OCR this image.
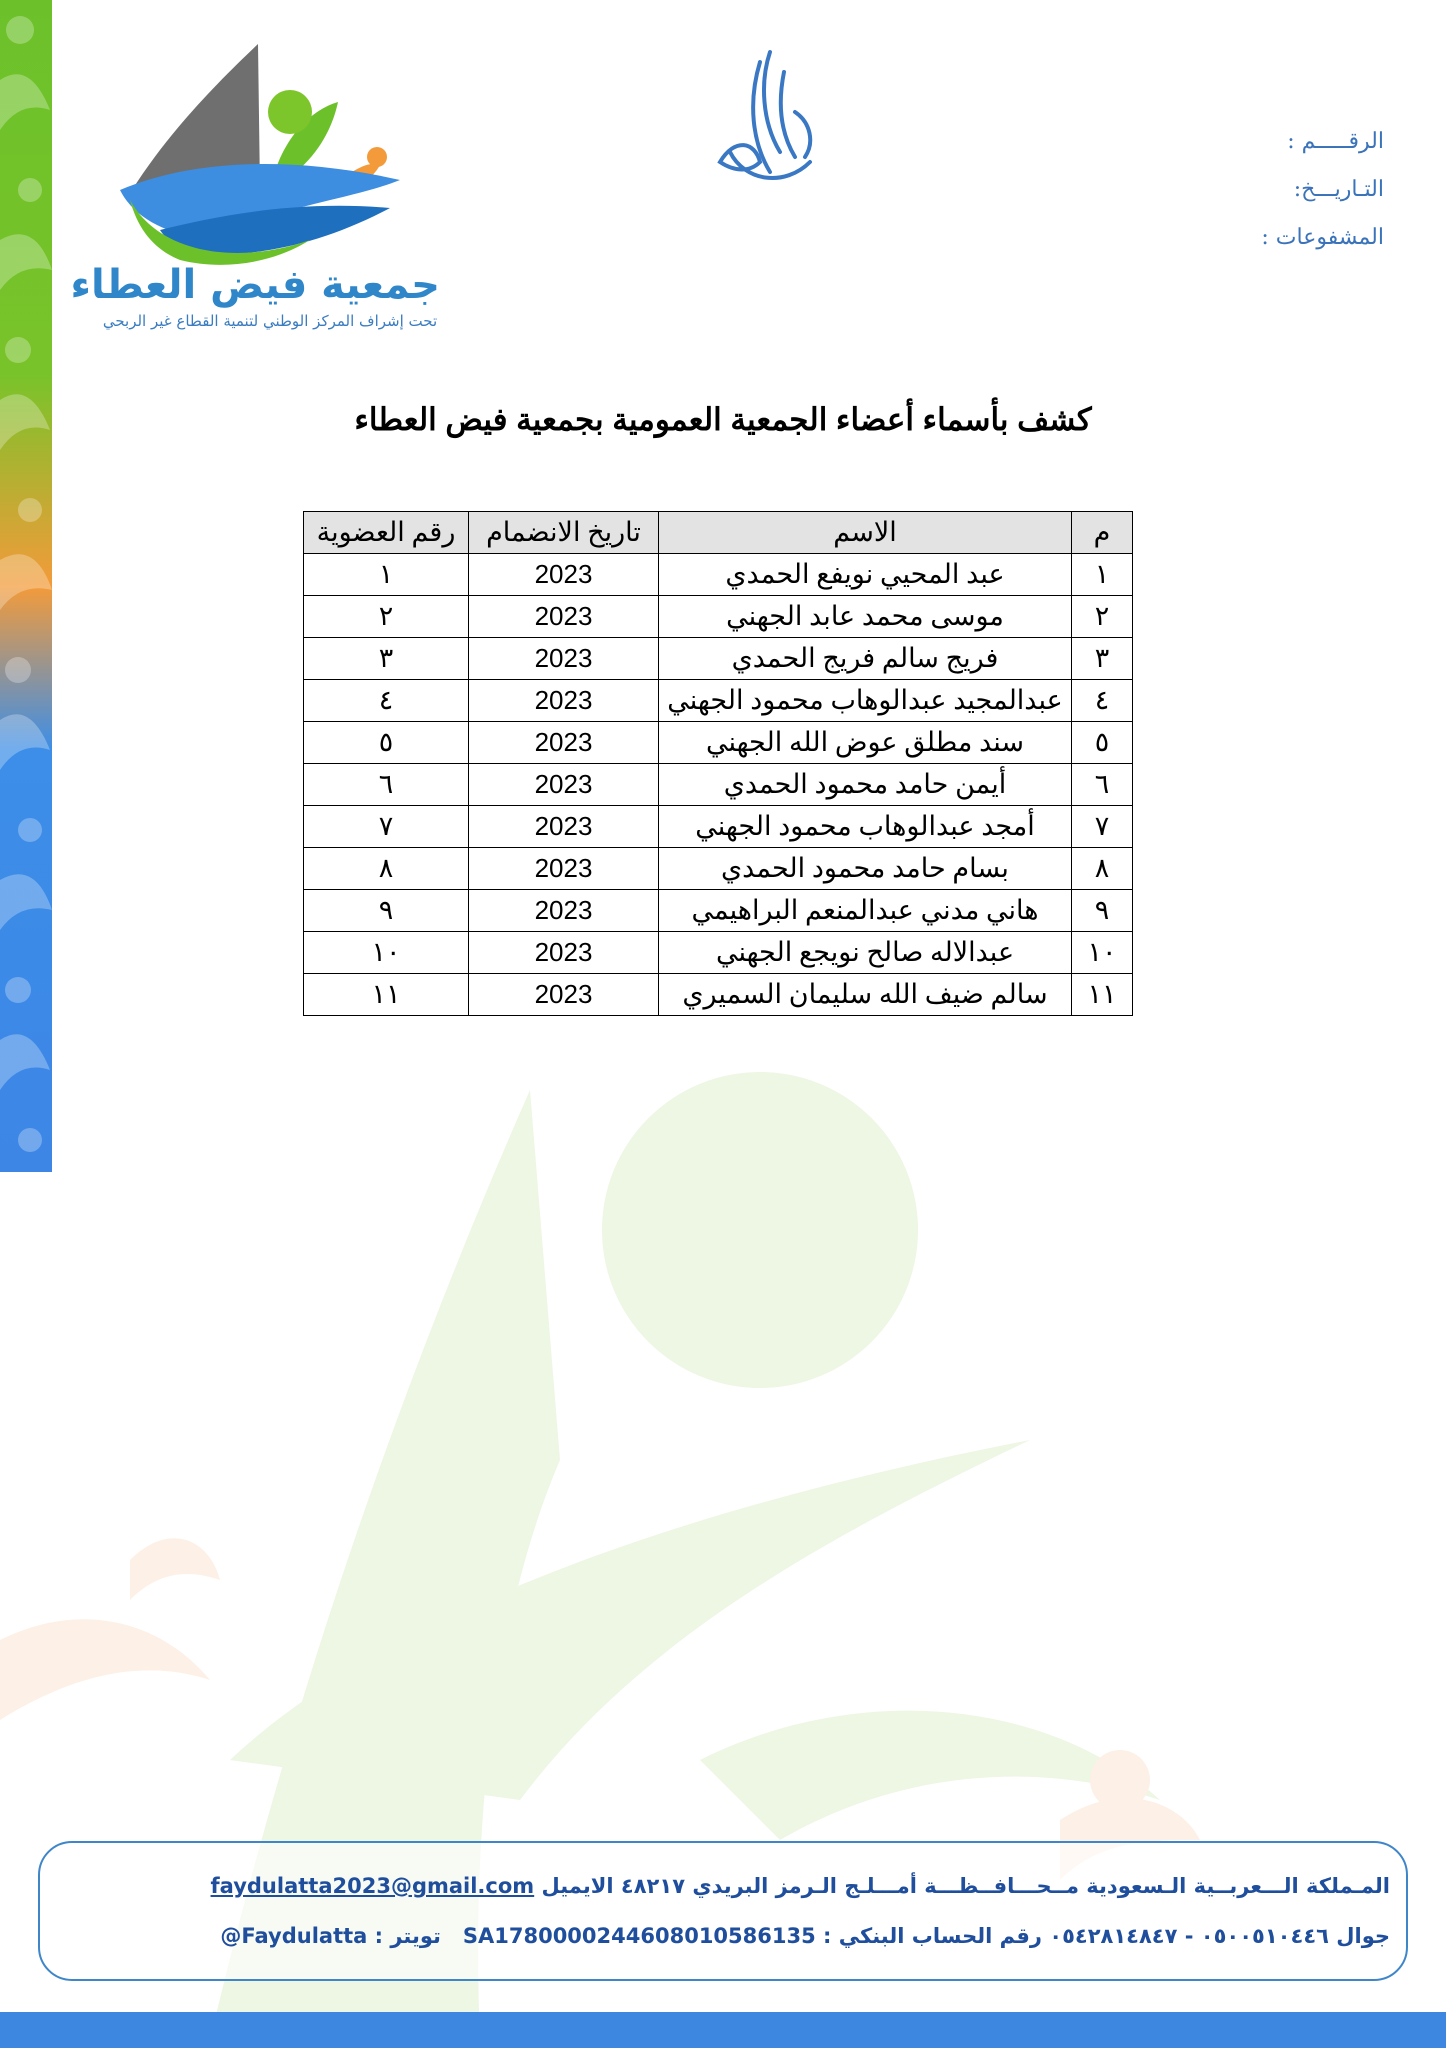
جمعية فيض العطاء
تحت إشراف المركز الوطني لتنمية القطاع غير الربحي
الرقـــــم :
التـاريـــخ:
المشفوعات :
كشف بأسماء أعضاء الجمعية العمومية بجمعية فيض العطاء
م	الاسم	تاريخ الانضمام	رقم العضوية
١	عبد المحيي نويفع الحمدي	2023	١
٢	موسى محمد عابد الجهني	2023	٢
٣	فريج سالم فريج الحمدي	2023	٣
٤	عبدالمجيد عبدالوهاب محمود الجهني	2023	٤
٥	سند مطلق عوض الله الجهني	2023	٥
٦	أيمن حامد محمود الحمدي	2023	٦
٧	أمجد عبدالوهاب محمود الجهني	2023	٧
٨	بسام حامد محمود الحمدي	2023	٨
٩	هاني مدني عبدالمنعم البراهيمي	2023	٩
١٠	عبدالاله صالح نويجع الجهني	2023	١٠
١١	سالم ضيف الله سليمان السميري	2023	١١
المـملكة الـــعربــية الـسعودية مــحـــافــظـــة أمـــلـج الـرمز البريدي ٤٨٢١٧ الايميل faydulatta2023@gmail.com
جوال ٠٥٠٠٥١٠٤٤٦ - ٠٥٤٢٨١٤٨٤٧ رقم الحساب البنكي : SA1780000244608010586135   تويتر : @Faydulatta
